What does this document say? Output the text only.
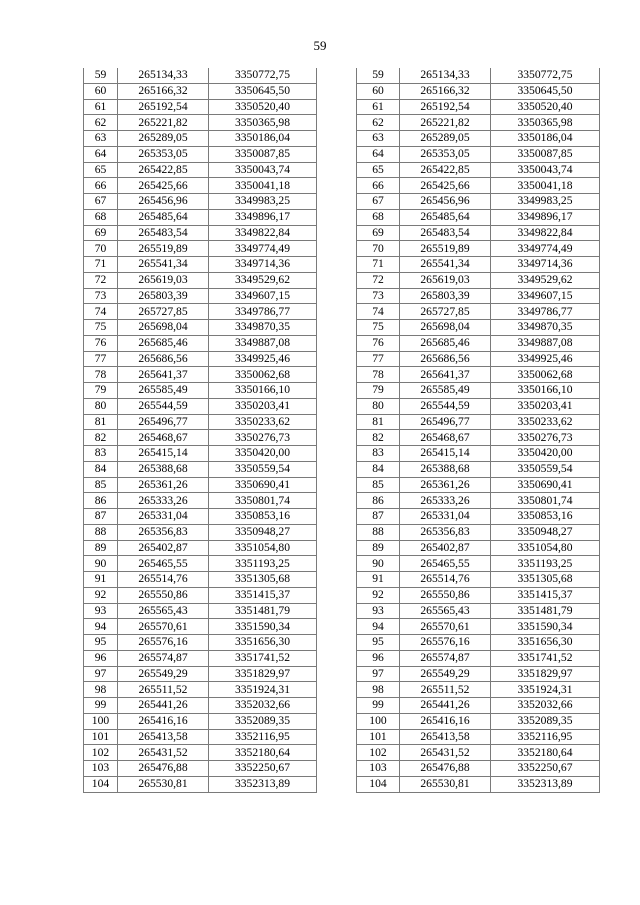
59
59	265134,33	3350772,75
60	265166,32	3350645,50
61	265192,54	3350520,40
62	265221,82	3350365,98
63	265289,05	3350186,04
64	265353,05	3350087,85
65	265422,85	3350043,74
66	265425,66	3350041,18
67	265456,96	3349983,25
68	265485,64	3349896,17
69	265483,54	3349822,84
70	265519,89	3349774,49
71	265541,34	3349714,36
72	265619,03	3349529,62
73	265803,39	3349607,15
74	265727,85	3349786,77
75	265698,04	3349870,35
76	265685,46	3349887,08
77	265686,56	3349925,46
78	265641,37	3350062,68
79	265585,49	3350166,10
80	265544,59	3350203,41
81	265496,77	3350233,62
82	265468,67	3350276,73
83	265415,14	3350420,00
84	265388,68	3350559,54
85	265361,26	3350690,41
86	265333,26	3350801,74
87	265331,04	3350853,16
88	265356,83	3350948,27
89	265402,87	3351054,80
90	265465,55	3351193,25
91	265514,76	3351305,68
92	265550,86	3351415,37
93	265565,43	3351481,79
94	265570,61	3351590,34
95	265576,16	3351656,30
96	265574,87	3351741,52
97	265549,29	3351829,97
98	265511,52	3351924,31
99	265441,26	3352032,66
100	265416,16	3352089,35
101	265413,58	3352116,95
102	265431,52	3352180,64
103	265476,88	3352250,67
104	265530,81	3352313,89
59	265134,33	3350772,75
60	265166,32	3350645,50
61	265192,54	3350520,40
62	265221,82	3350365,98
63	265289,05	3350186,04
64	265353,05	3350087,85
65	265422,85	3350043,74
66	265425,66	3350041,18
67	265456,96	3349983,25
68	265485,64	3349896,17
69	265483,54	3349822,84
70	265519,89	3349774,49
71	265541,34	3349714,36
72	265619,03	3349529,62
73	265803,39	3349607,15
74	265727,85	3349786,77
75	265698,04	3349870,35
76	265685,46	3349887,08
77	265686,56	3349925,46
78	265641,37	3350062,68
79	265585,49	3350166,10
80	265544,59	3350203,41
81	265496,77	3350233,62
82	265468,67	3350276,73
83	265415,14	3350420,00
84	265388,68	3350559,54
85	265361,26	3350690,41
86	265333,26	3350801,74
87	265331,04	3350853,16
88	265356,83	3350948,27
89	265402,87	3351054,80
90	265465,55	3351193,25
91	265514,76	3351305,68
92	265550,86	3351415,37
93	265565,43	3351481,79
94	265570,61	3351590,34
95	265576,16	3351656,30
96	265574,87	3351741,52
97	265549,29	3351829,97
98	265511,52	3351924,31
99	265441,26	3352032,66
100	265416,16	3352089,35
101	265413,58	3352116,95
102	265431,52	3352180,64
103	265476,88	3352250,67
104	265530,81	3352313,89
